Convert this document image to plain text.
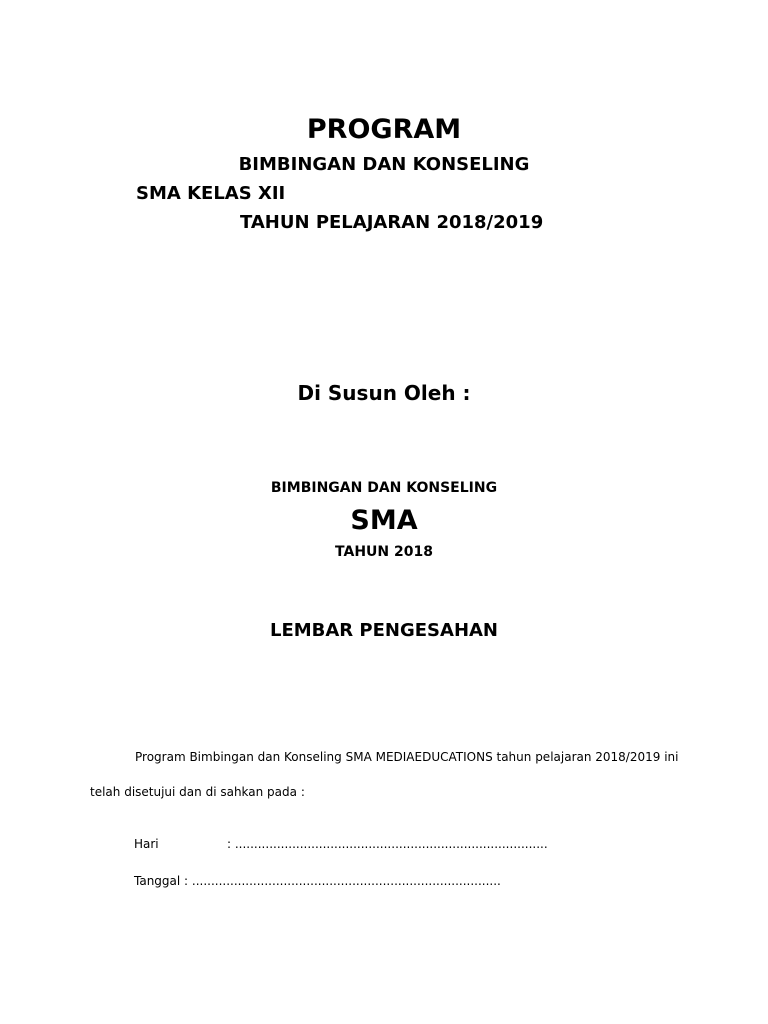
PROGRAM

BIMBINGAN DAN KONSELING

SMA KELAS XII

TAHUN PELAJARAN 2018/2019

Di Susun Oleh :

BIMBINGAN DAN KONSELING

SMA

TAHUN 2018

LEMBAR PENGESAHAN

Program Bimbingan dan Konseling SMA MEDIAEDUCATIONS tahun pelajaran 2018/2019 ini

telah disetujui dan di sahkan pada :

Hari	: ..................................................................................

Tanggal : .................................................................................
